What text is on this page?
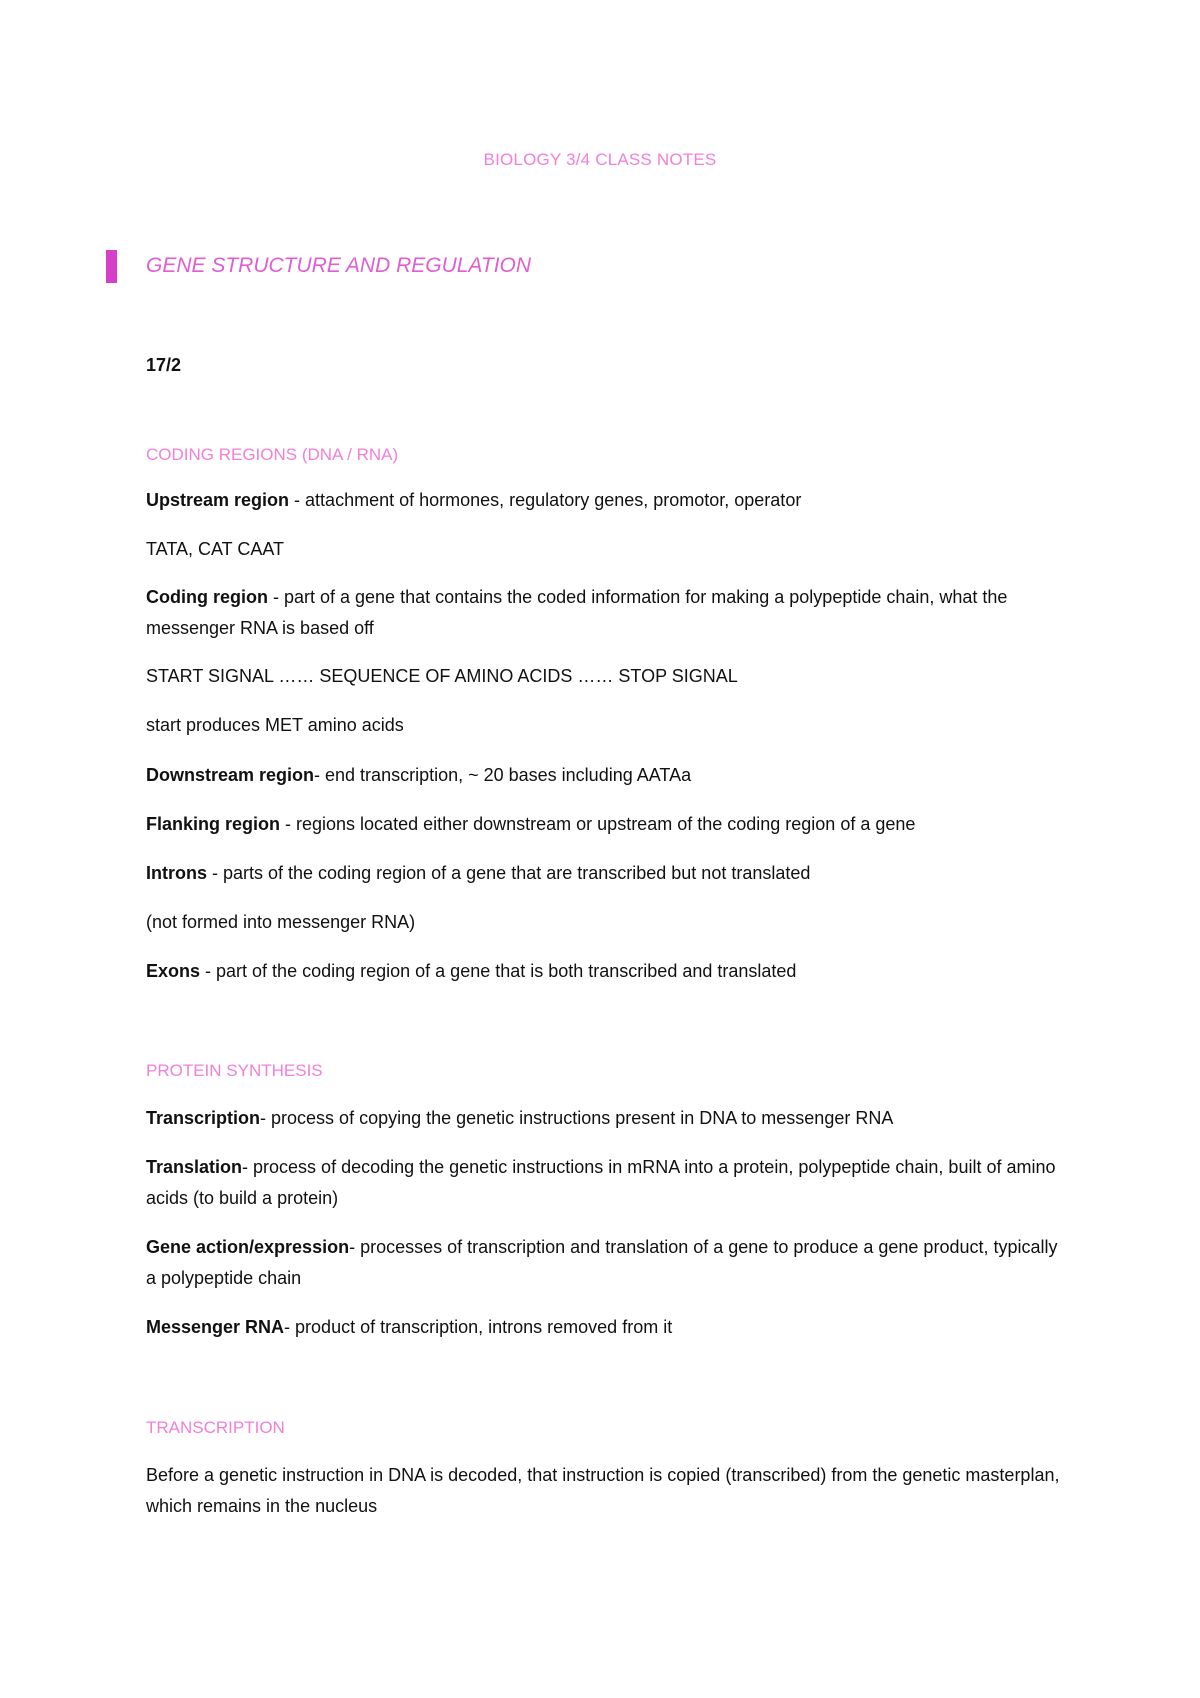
BIOLOGY 3/4 CLASS NOTES
GENE STRUCTURE AND REGULATION
17/2
CODING REGIONS (DNA / RNA)
Upstream region - attachment of hormones, regulatory genes, promotor, operator
TATA, CAT CAAT
Coding region - part of a gene that contains the coded information for making a polypeptide chain, what the messenger RNA is based off
START SIGNAL …… SEQUENCE OF AMINO ACIDS …… STOP SIGNAL
start produces MET amino acids
Downstream region- end transcription, ~ 20 bases including AATAa
Flanking region - regions located either downstream or upstream of the coding region of a gene
Introns - parts of the coding region of a gene that are transcribed but not translated
(not formed into messenger RNA)
Exons - part of the coding region of a gene that is both transcribed and translated
PROTEIN SYNTHESIS
Transcription- process of copying the genetic instructions present in DNA to messenger RNA
Translation- process of decoding the genetic instructions in mRNA into a protein, polypeptide chain, built of amino acids (to build a protein)
Gene action/expression- processes of transcription and translation of a gene to produce a gene product, typically a polypeptide chain
Messenger RNA- product of transcription, introns removed from it
TRANSCRIPTION
Before a genetic instruction in DNA is decoded, that instruction is copied (transcribed) from the genetic masterplan, which remains in the nucleus
